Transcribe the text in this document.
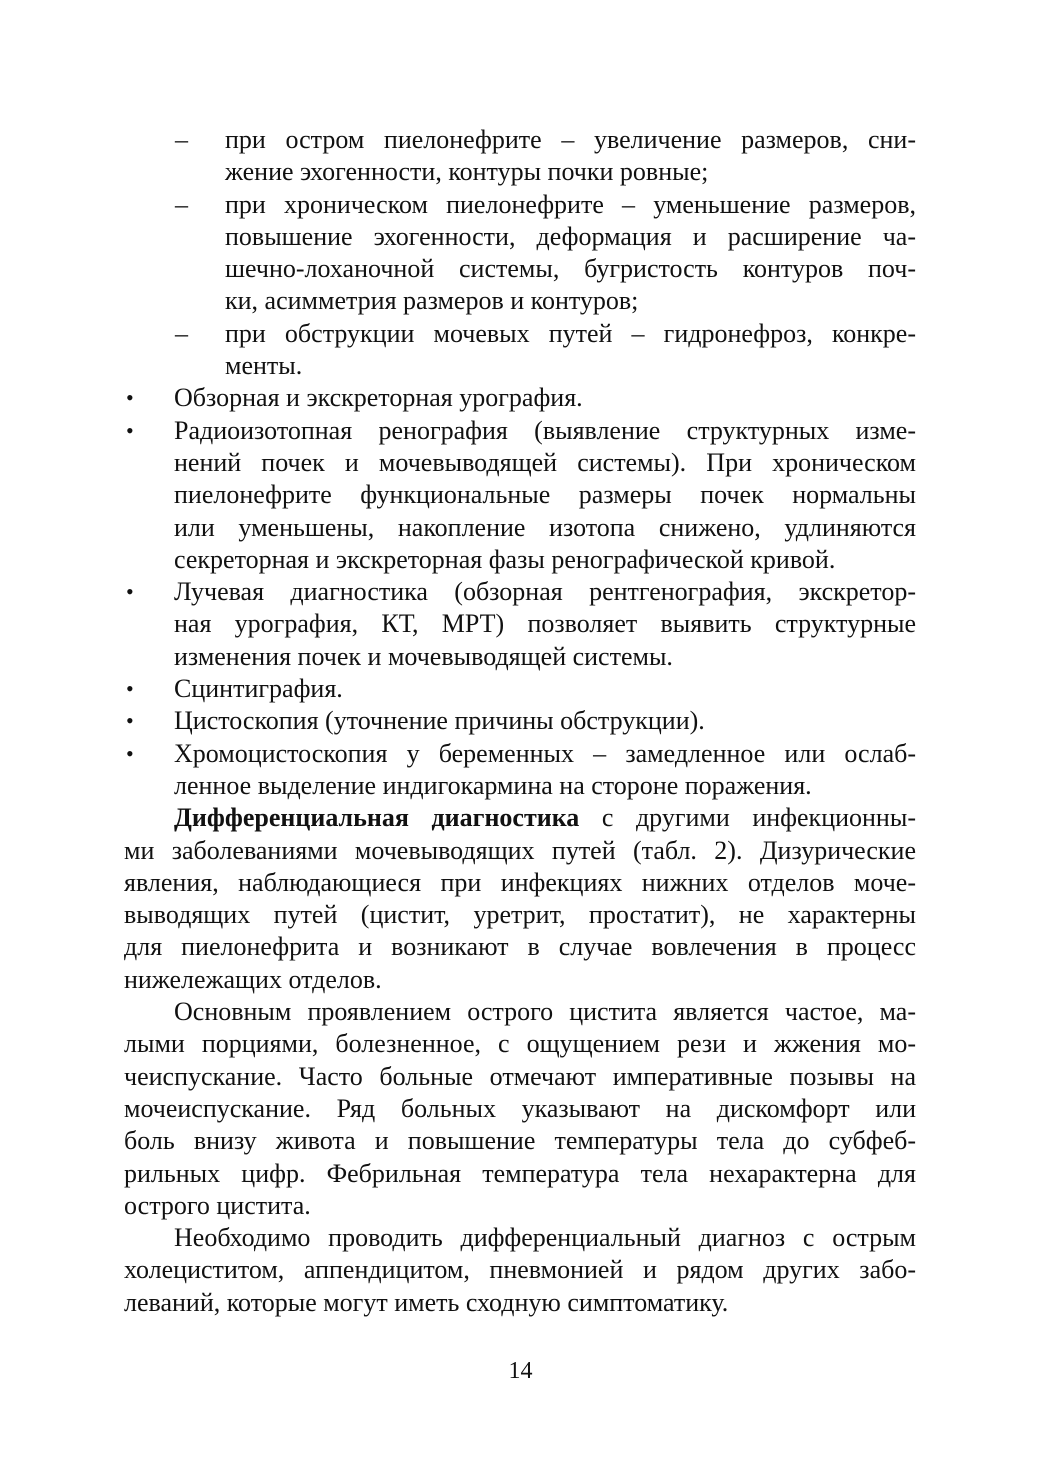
– при остром пиелонефрите – увеличение размеров, сни-
жение эхогенности, контуры почки ровные;
– при хроническом пиелонефрите – уменьшение размеров,
повышение эхогенности, деформация и расширение ча-
шечно-лоханочной системы, бугристость контуров поч-
ки, асимметрия размеров и контуров;
– при обструкции мочевых путей – гидронефроз, конкре-
менты.
• Обзорная и экскреторная урография.
• Радиоизотопная ренография (выявление структурных изме-
нений почек и мочевыводящей системы). При хроническом
пиелонефрите функциональные размеры почек нормальны
или уменьшены, накопление изотопа снижено, удлиняются
секреторная и экскреторная фазы ренографической кривой.
• Лучевая диагностика (обзорная рентгенография, экскретор-
ная урография, КТ, МРТ) позволяет выявить структурные
изменения почек и мочевыводящей системы.
• Сцинтиграфия.
• Цистоскопия (уточнение причины обструкции).
• Хромоцистоскопия у беременных – замедленное или ослаб-
ленное выделение индигокармина на стороне поражения.
Дифференциальная диагностика с другими инфекционны-
ми заболеваниями мочевыводящих путей (табл. 2). Дизурические
явления, наблюдающиеся при инфекциях нижних отделов моче-
выводящих путей (цистит, уретрит, простатит), не характерны
для пиелонефрита и возникают в случае вовлечения в процесс
нижележащих отделов.
Основным проявлением острого цистита является частое, ма-
лыми порциями, болезненное, с ощущением рези и жжения мо-
чеиспускание. Часто больные отмечают императивные позывы на
мочеиспускание. Ряд больных указывают на дискомфорт или
боль внизу живота и повышение температуры тела до субфеб-
рильных цифр. Фебрильная температура тела нехарактерна для
острого цистита.
Необходимо проводить дифференциальный диагноз с острым
холециститом, аппендицитом, пневмонией и рядом других забо-
леваний, которые могут иметь сходную симптоматику.
14
